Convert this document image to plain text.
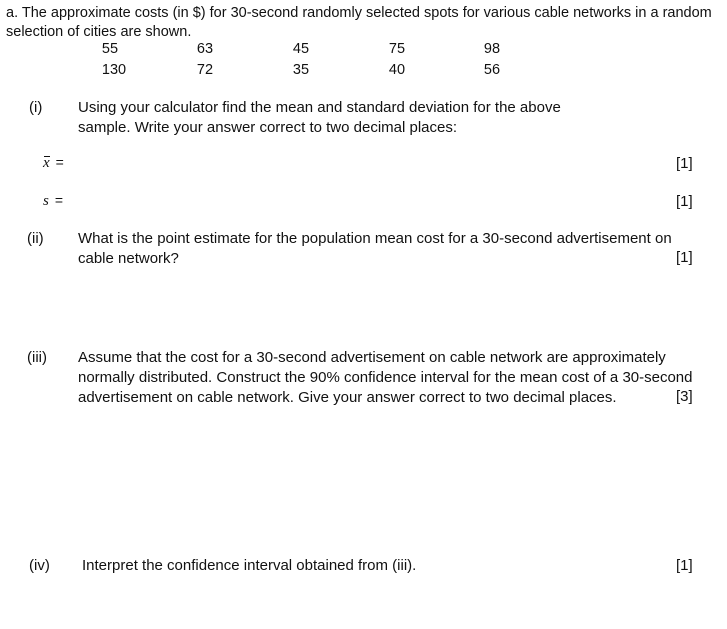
a. The approximate costs (in $) for 30-second randomly selected spots for various cable networks in a random
selection of cities are shown.
55	63	45	75	98
130	72	35	40	56
(i) Using your calculator find the mean and standard deviation for the above
sample. Write your answer correct to two decimal places:
x =	[1]
s =	[1]
(ii) What is the point estimate for the population mean cost for a 30-second advertisement on
cable network?	[1]
(iii) Assume that the cost for a 30-second advertisement on cable network are approximately
normally distributed. Construct the 90% confidence interval for the mean cost of a 30-second
advertisement on cable network. Give your answer correct to two decimal places.	[3]
(iv) Interpret the confidence interval obtained from (iii).	[1]
